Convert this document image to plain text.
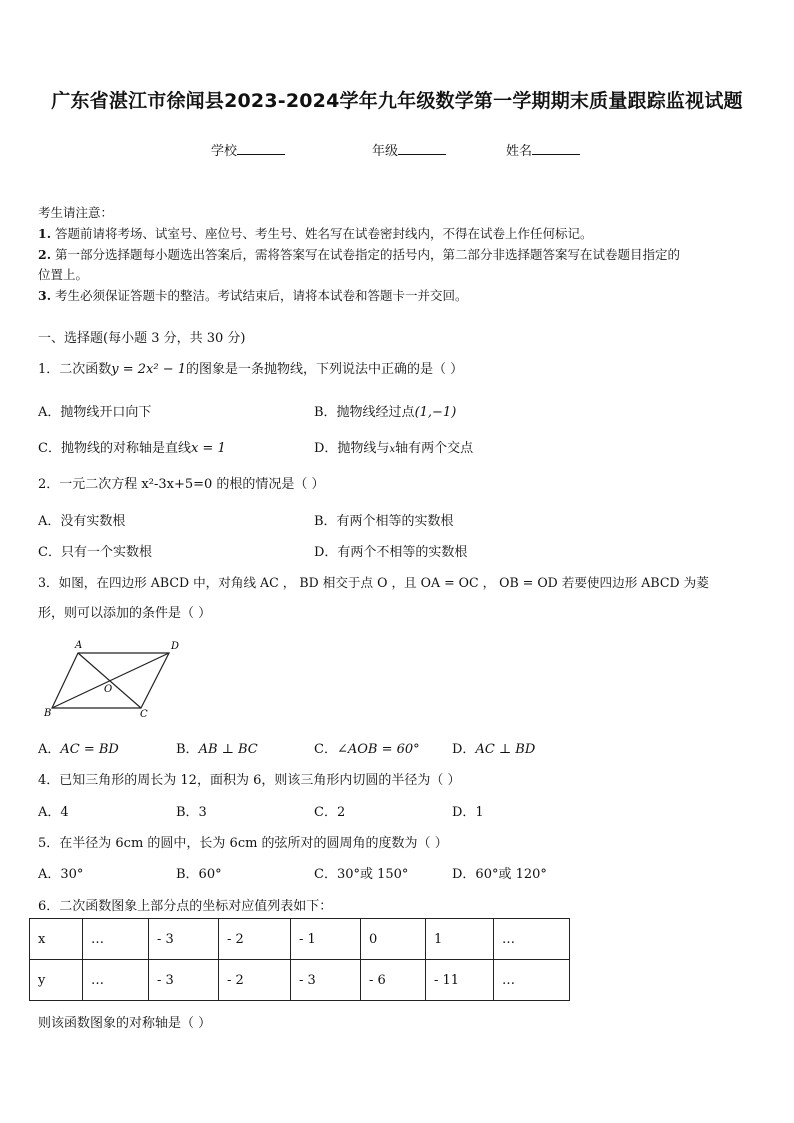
广东省湛江市徐闻县2023-2024学年九年级数学第一学期期末质量跟踪监视试题
学校	年级	姓名
考生请注意：
1. 答题前请将考场、试室号、座位号、考生号、姓名写在试卷密封线内，不得在试卷上作任何标记。
2. 第一部分选择题每小题选出答案后，需将答案写在试卷指定的括号内，第二部分非选择题答案写在试卷题目指定的
位置上。
3. 考生必须保证答题卡的整洁。考试结束后，请将本试卷和答题卡一并交回。
一、选择题(每小题 3 分，共 30 分)
1．二次函数y = 2x² − 1的图象是一条抛物线，下列说法中正确的是（ ）
A．抛物线开口向下	B．抛物线经过点(1,−1)
C．抛物线的对称轴是直线x = 1	D．抛物线与x轴有两个交点
2．一元二次方程 x²-3x+5=0 的根的情况是（ ）
A．没有实数根	B．有两个相等的实数根
C．只有一个实数根	D．有两个不相等的实数根
3．如图，在四边形 ABCD 中，对角线 AC ， BD 相交于点 O ，且 OA = OC ， OB = OD 若要使四边形 ABCD 为菱
形，则可以添加的条件是（ ）
A	D
B	C
O
A．AC = BD	B．AB ⊥ BC	C．∠AOB = 60° D．AC ⊥ BD
4．已知三角形的周长为 12，面积为 6，则该三角形内切圆的半径为（ ）
A．4	B．3	C．2	D．1
5．在半径为 6cm 的圆中，长为 6cm 的弦所对的圆周角的度数为（ ）
A．30°	B．60°	C．30°或 150°	D．60°或 120°
6．二次函数图象上部分点的坐标对应值列表如下：
x	…	- 3	- 2	- 1	0	1	…
y	…	- 3	- 2	- 3	- 6	- 11	…
则该函数图象的对称轴是（ ）
